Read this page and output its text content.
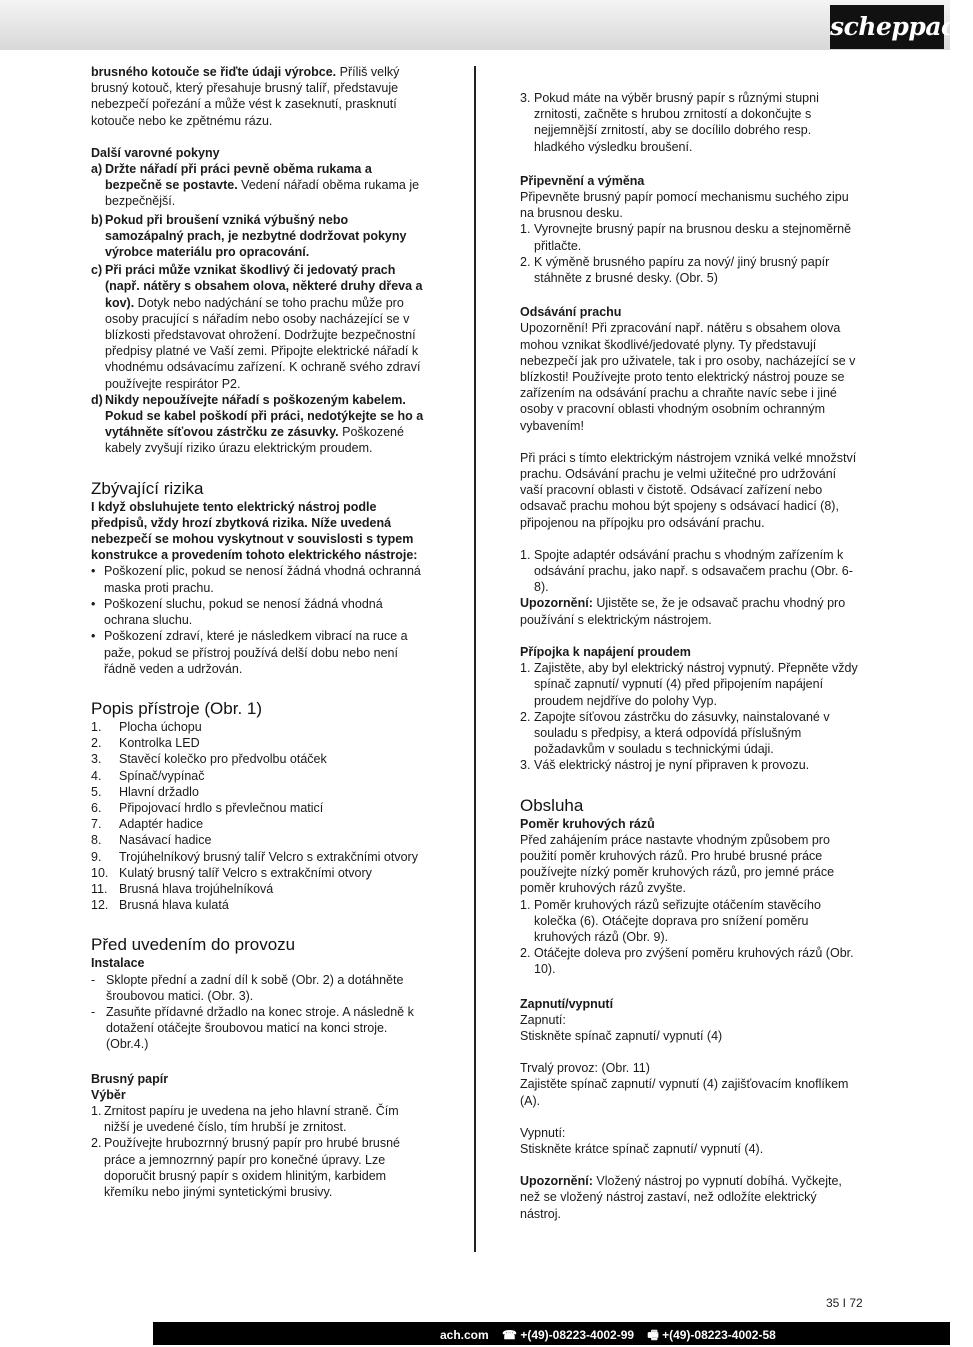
scheppach

brusného kotouče se řiďte údaji výrobce. Příliš velký brusný kotouč, který přesahuje brusný talíř, představuje nebezpečí pořezání a může vést k zaseknutí, prasknutí kotouče nebo ke zpětnému rázu.

Další varovné pokyny

a) Držte nářadí při práci pevně oběma rukama a bezpečně se postavte. Vedení nářadí oběma rukama je bezpečnější.
b) Pokud při broušení vzniká výbušný nebo samozápalný prach, je nezbytné dodržovat pokyny výrobce materiálu pro opracování.
c) Při práci může vznikat škodlivý či jedovatý prach (např. nátěry s obsahem olova, některé druhy dřeva a kov). Dotyk nebo nadýchání se toho prachu může pro osoby pracující s nářadím nebo osoby nacházející se v blízkosti představovat ohrožení. Dodržujte bezpečnostní předpisy platné ve Vaší zemi. Připojte elektrické nářadí k vhodnému odsávacímu zařízení. K ochraně svého zdraví používejte respirátor P2.
d) Nikdy nepoužívejte nářadí s poškozeným kabelem. Pokud se kabel poškodí při práci, nedotýkejte se ho a vytáhněte síťovou zástrčku ze zásuvky. Poškozené kabely zvyšují riziko úrazu elektrickým proudem.

Zbývající rizika

I když obsluhujete tento elektrický nástroj podle předpisů, vždy hrozí zbytková rizika. Níže uvedená nebezpečí se mohou vyskytnout v souvislosti s typem konstrukce a provedením tohoto elektrického nástroje:

• Poškození plic, pokud se nenosí žádná vhodná ochranná maska proti prachu.
• Poškození sluchu, pokud se nenosí žádná vhodná ochrana sluchu.
• Poškození zdraví, které je následkem vibrací na ruce a paže, pokud se přístroj používá delší dobu nebo není řádně veden a udržován.

Popis přístroje (Obr. 1)

1.	Plocha úchopu
2.	Kontrolka LED
3.	Stavěcí kolečko pro předvolbu otáček
4.	Spínač/vypínač
5.	Hlavní držadlo
6.	Připojovací hrdlo s převlečnou maticí
7.	Adaptér hadice
8.	Nasávací hadice
9.	Trojúhelníkový brusný talíř Velcro s extrakčními otvory
10. Kulatý brusný talíř Velcro s extrakčními otvory
11. Brusná hlava trojúhelníková
12. Brusná hlava kulatá

Před uvedením do provozu

Instalace

- Sklopte přední a zadní díl k sobě (Obr. 2) a dotáhněte šroubovou matici. (Obr. 3).
- Zasuňte přídavné držadlo na konec stroje. A následně k dotažení otáčejte šroubovou maticí na konci stroje. (Obr.4.)

Brusný papír

Výběr

1. Zrnitost papíru je uvedena na jeho hlavní straně. Čím nižší je uvedené číslo, tím hrubší je zrnitost.
2. Používejte hrubozrnný brusný papír pro hrubé brusné práce a jemnozrnný papír pro konečné úpravy. Lze doporučit brusný papír s oxidem hlinitým, karbidem křemíku nebo jinými syntetickými brusivy.
3. Pokud máte na výběr brusný papír s různými stupni zrnitosti, začněte s hrubou zrnitostí a dokončujte s nejjemnější zrnitostí, aby se docílilo dobrého resp. hladkého výsledku broušení.

Připevnění a výměna

Připevněte brusný papír pomocí mechanismu suchého zipu na brusnou desku.

1. Vyrovnejte brusný papír na brusnou desku a stejnoměrně přitlačte.
2. K výměně brusného papíru za nový/ jiný brusný papír stáhněte z brusné desky. (Obr. 5)

Odsávání prachu

Upozornění! Při zpracování např. nátěru s obsahem olova mohou vznikat škodlivé/jedovaté plyny. Ty představují nebezpečí jak pro uživatele, tak i pro osoby, nacházející se v blízkosti! Používejte proto tento elektrický nástroj pouze se zařízením na odsávání prachu a chraňte navíc sebe i jiné osoby v pracovní oblasti vhodným osobním ochranným vybavením!

Při práci s tímto elektrickým nástrojem vzniká velké množství prachu. Odsávání prachu je velmi užitečné pro udržování vaší pracovní oblasti v čistotě. Odsávací zařízení nebo odsavač prachu mohou být spojeny s odsávací hadicí (8), připojenou na přípojku pro odsávání prachu.

1. Spojte adaptér odsávání prachu s vhodným zařízením k odsávání prachu, jako např. s odsavačem prachu (Obr. 6-8).

Upozornění: Ujistěte se, že je odsavač prachu vhodný pro používání s elektrickým nástrojem.

Přípojka k napájení proudem

1. Zajistěte, aby byl elektrický nástroj vypnutý. Přepněte vždy spínač zapnutí/ vypnutí (4) před připojením napájení proudem nejdříve do polohy Vyp.
2. Zapojte síťovou zástrčku do zásuvky, nainstalované v souladu s předpisy, a která odpovídá příslušným požadavkům v souladu s technickými údaji.
3. Váš elektrický nástroj je nyní připraven k provozu.

Obsluha

Poměr kruhových rázů

Před zahájením práce nastavte vhodným způsobem pro použití poměr kruhových rázů. Pro hrubé brusné práce používejte nízký poměr kruhových rázů, pro jemné práce poměr kruhových rázů zvyšte.

1. Poměr kruhových rázů seřizujte otáčením stavěcího kolečka (6). Otáčejte doprava pro snížení poměru kruhových rázů (Obr. 9).
2. Otáčejte doleva pro zvýšení poměru kruhových rázů (Obr. 10).

Zapnutí/vypnutí

Zapnutí:

Stiskněte spínač zapnutí/ vypnutí (4)

Trvalý provoz: (Obr. 11)

Zajistěte spínač zapnutí/ vypnutí (4) zajišťovacím knoflíkem (A).

Vypnutí:

Stiskněte krátce spínač zapnutí/ vypnutí (4).

Upozornění: Vložený nástroj po vypnutí dobíhá. Vyčkejte, než se vložený nástroj zastaví, než odložíte elektrický nástroj.

35 I 72
ach.com ☎ +(49)-08223-4002-99 🖷 +(49)-08223-4002-58
